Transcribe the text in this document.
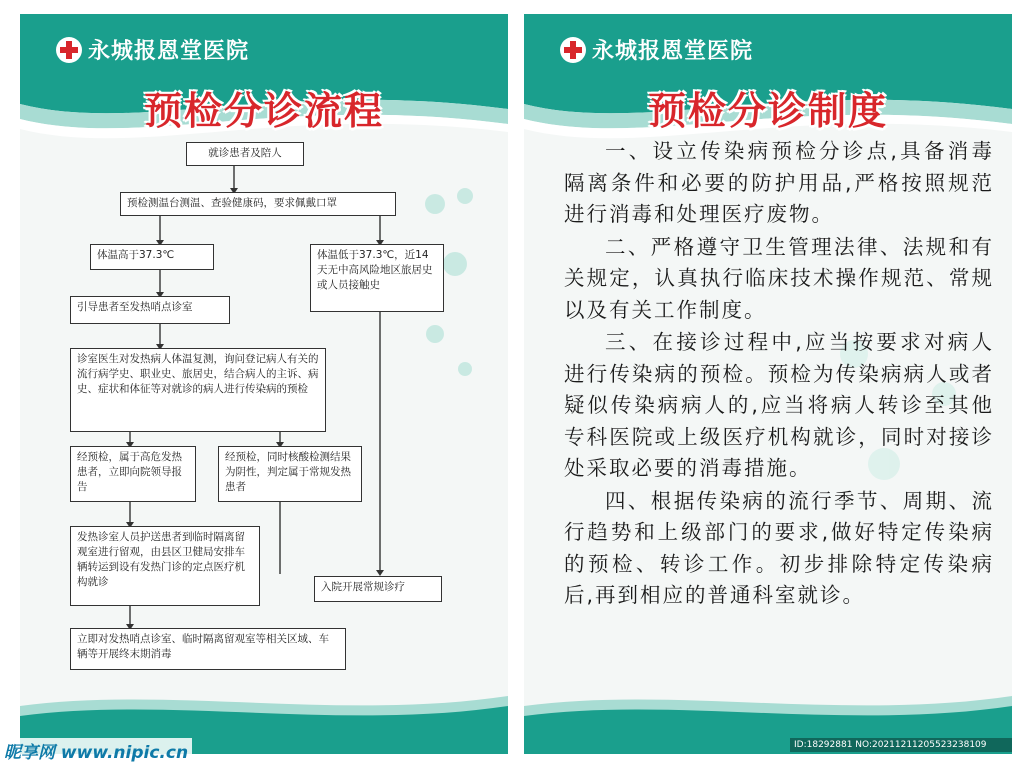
永城报恩堂医院
预检分诊流程
就诊患者及陪人
预检测温台测温、查验健康码，要求佩戴口罩
体温高于37.3℃	体温低于37.3℃，近14天无中高风险地区旅居史或人员接触史
引导患者至发热哨点诊室
诊室医生对发热病人体温复测，询问登记病人有关的流行病学史、职业史、旅居史，结合病人的主诉、病史、症状和体征等对就诊的病人进行传染病的预检
经预检，属于高危发热患者，立即向院领导报告
经预检，同时核酸检测结果为阴性，判定属于常规发热患者
发热诊室人员护送患者到临时隔离留观室进行留观，由县区卫健局安排车辆转运到设有发热门诊的定点医疗机构就诊	入院开展常规诊疗
立即对发热哨点诊室、临时隔离留观室等相关区域、车辆等开展终末期消毒
永城报恩堂医院
预检分诊制度

一、设立传染病预检分诊点,具备消毒隔离条件和必要的防护用品,严格按照规范进行消毒和处理医疗废物。

二、严格遵守卫生管理法律、法规和有关规定，认真执行临床技术操作规范、常规以及有关工作制度。

三、在接诊过程中,应当按要求对病人进行传染病的预检。预检为传染病病人或者疑似传染病病人的,应当将病人转诊至其他专科医院或上级医疗机构就诊，同时对接诊处采取必要的消毒措施。

四、根据传染病的流行季节、周期、流行趋势和上级部门的要求,做好特定传染病的预检、转诊工作。初步排除特定传染病后,再到相应的普通科室就诊。

昵享网 www.nipic.cn	ID:18292881 NO:20211211205523238109
